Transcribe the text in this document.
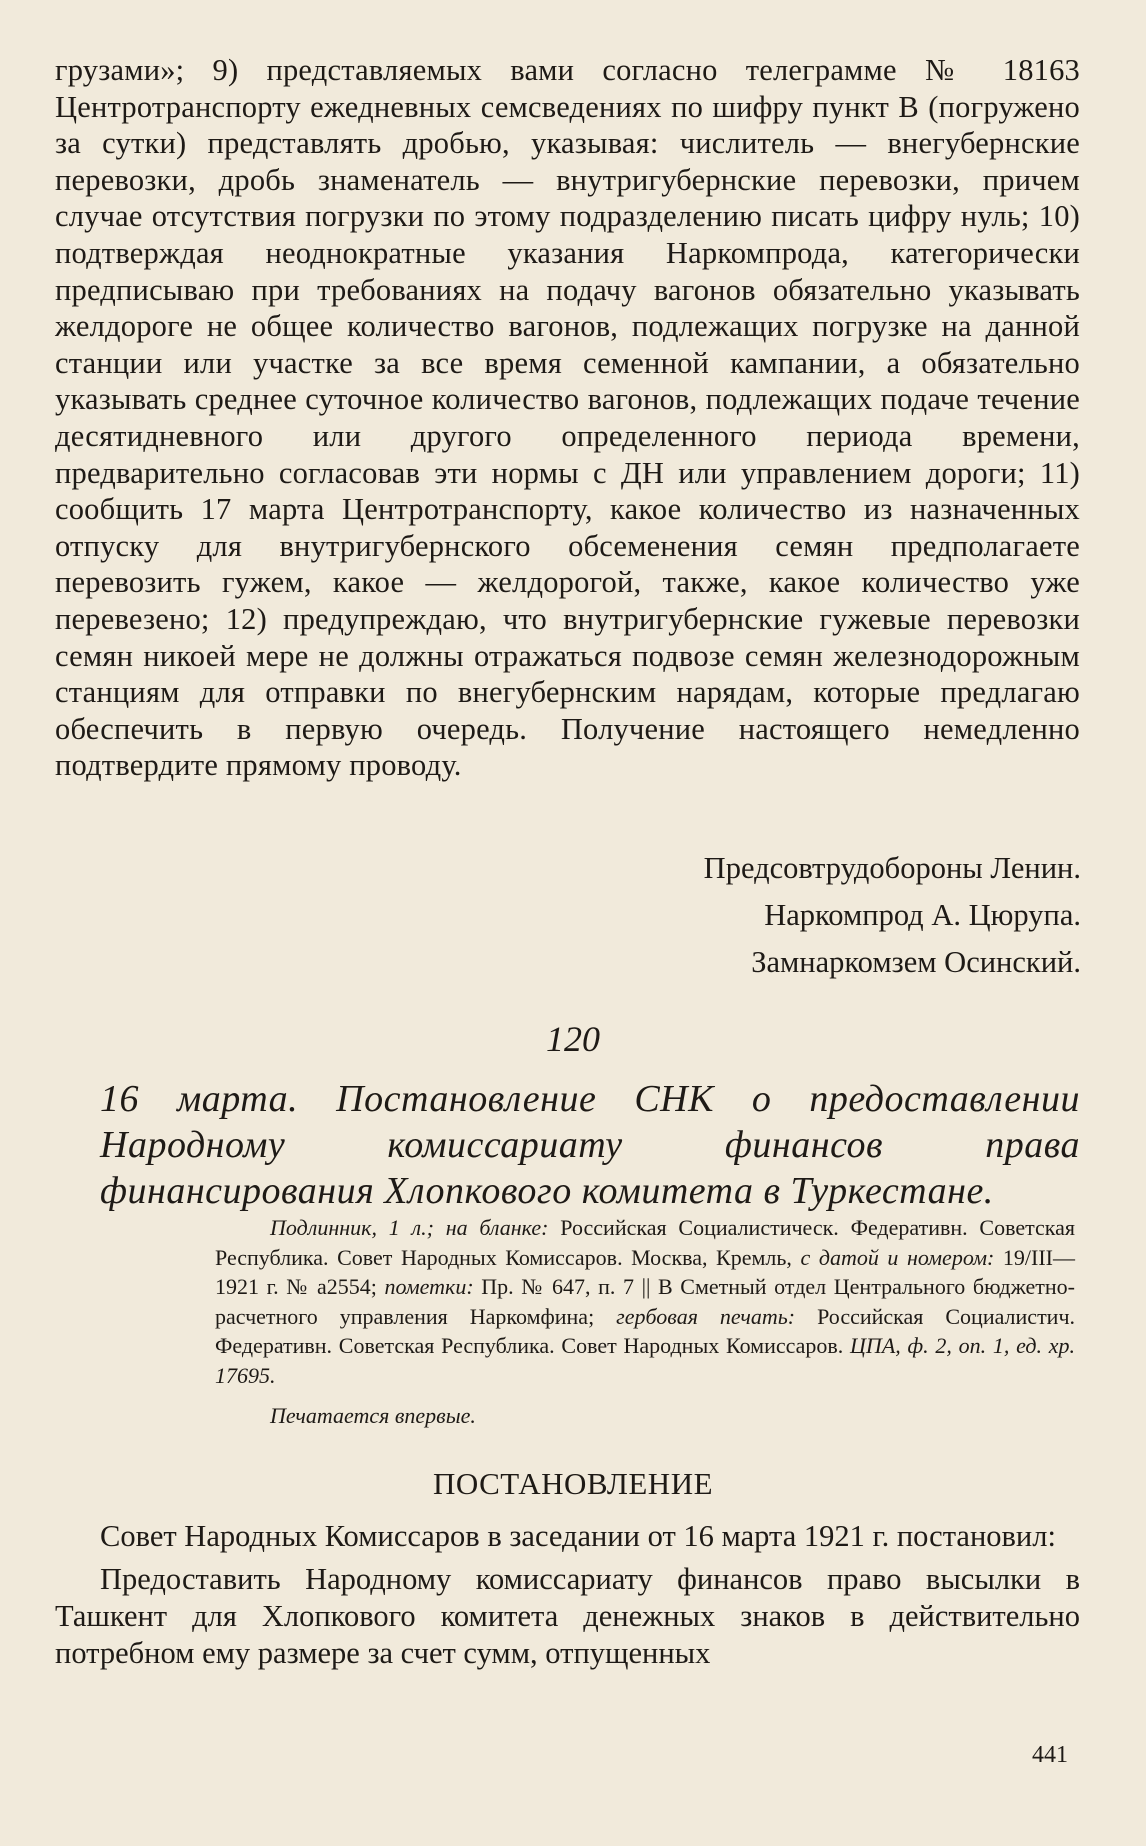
грузами»; 9) представляемых вами согласно телеграмме № 18163 Центротранспорту ежедневных семсведениях по шифру пункт В (погружено за сутки) представлять дробью, указывая: числитель — внегубернские перевозки, дробь знаменатель — внутригубернские перевозки, причем случае отсутствия погрузки по этому подразделению писать цифру нуль; 10) подтверждая неоднократные указания Наркомпрода, категорически предписываю при требованиях на подачу вагонов обязательно указывать желдороге не общее количество вагонов, подлежащих погрузке на данной станции или участке за все время семенной кампании, а обязательно указывать среднее суточное количество вагонов, подлежащих подаче течение десятидневного или другого определенного периода времени, предварительно согласовав эти нормы с ДН или управлением дороги; 11) сообщить 17 марта Центротранспорту, какое количество из назначенных отпуску для внутригубернского обсеменения семян предполагаете перевозить гужем, какое — желдорогой, также, какое количество уже перевезено; 12) предупреждаю, что внутригубернские гужевые перевозки семян никоей мере не должны отражаться подвозе семян железнодорожным станциям для отправки по внегубернским нарядам, которые предлагаю обеспечить в первую очередь. Получение настоящего немедленно подтвердите прямому проводу.

Предсовтрудобороны Ленин.
Наркомпрод А. Цюрупа.
Замнаркомзем Осинский.
120
16 марта. Постановление СНК о предоставлении Народному комиссариату финансов права финансирования Хлопкового комитета в Туркестане.
Подлинник, 1 л.; на бланке: Российская Социалистическ. Федеративн. Советская Республика. Совет Народных Комиссаров. Москва, Кремль, с датой и номером: 19/III—1921 г. № а2554; пометки: Пр. № 647, п. 7 || В Сметный отдел Центрального бюджетно-расчетного управления Наркомфина; гербовая печать: Российская Социалистич. Федеративн. Советская Республика. Совет Народных Комиссаров. ЦПА, ф. 2, оп. 1, ед. хр. 17695.
Печатается впервые.
ПОСТАНОВЛЕНИЕ

Совет Народных Комиссаров в заседании от 16 марта 1921 г. постановил:

Предоставить Народному комиссариату финансов право высылки в Ташкент для Хлопкового комитета денежных знаков в действительно потребном ему размере за счет сумм, отпущенных

441
